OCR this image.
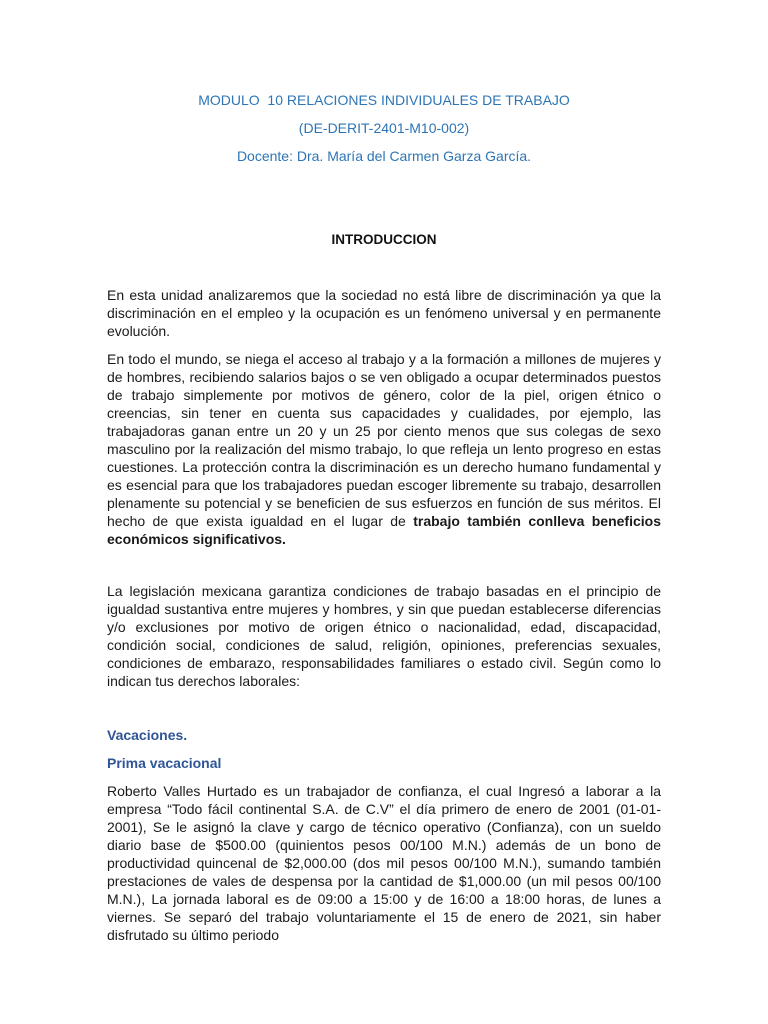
MODULO  10 RELACIONES INDIVIDUALES DE TRABAJO
(DE-DERIT-2401-M10-002)
Docente: Dra. María del Carmen Garza García.
INTRODUCCION

En esta unidad analizaremos que la sociedad no está libre de discriminación ya que la discriminación en el empleo y la ocupación es un fenómeno universal y en permanente evolución.

En todo el mundo, se niega el acceso al trabajo y a la formación a millones de mujeres y de hombres, recibiendo salarios bajos o se ven obligado a ocupar determinados puestos de trabajo simplemente por motivos de género, color de la piel, origen étnico o creencias, sin tener en cuenta sus capacidades y cualidades, por ejemplo, las trabajadoras ganan entre un 20 y un 25 por ciento menos que sus colegas de sexo masculino por la realización del mismo trabajo, lo que refleja un lento progreso en estas cuestiones. La protección contra la discriminación es un derecho humano fundamental y es esencial para que los trabajadores puedan escoger libremente su trabajo, desarrollen plenamente su potencial y se beneficien de sus esfuerzos en función de sus méritos. El hecho de que exista igualdad en el lugar de trabajo también conlleva beneficios económicos significativos.

La legislación mexicana garantiza condiciones de trabajo basadas en el principio de igualdad sustantiva entre mujeres y hombres, y sin que puedan establecerse diferencias y/o exclusiones por motivo de origen étnico o nacionalidad, edad, discapacidad, condición social, condiciones de salud, religión, opiniones, preferencias sexuales, condiciones de embarazo, responsabilidades familiares o estado civil. Según como lo indican tus derechos laborales:

Vacaciones.
Prima vacacional

Roberto Valles Hurtado es un trabajador de confianza, el cual Ingresó a laborar a la empresa “Todo fácil continental S.A. de C.V” el día primero de enero de 2001 (01-01-2001), Se le asignó la clave y cargo de técnico operativo (Confianza), con un sueldo diario base de $500.00 (quinientos pesos 00/100 M.N.) además de un bono de productividad quincenal de $2,000.00 (dos mil pesos 00/100 M.N.), sumando también prestaciones de vales de despensa por la cantidad de $1,000.00 (un mil pesos 00/100 M.N.), La jornada laboral es de 09:00 a 15:00 y de 16:00 a 18:00 horas, de lunes a viernes. Se separó del trabajo voluntariamente el 15 de enero de 2021, sin haber disfrutado su último periodo
